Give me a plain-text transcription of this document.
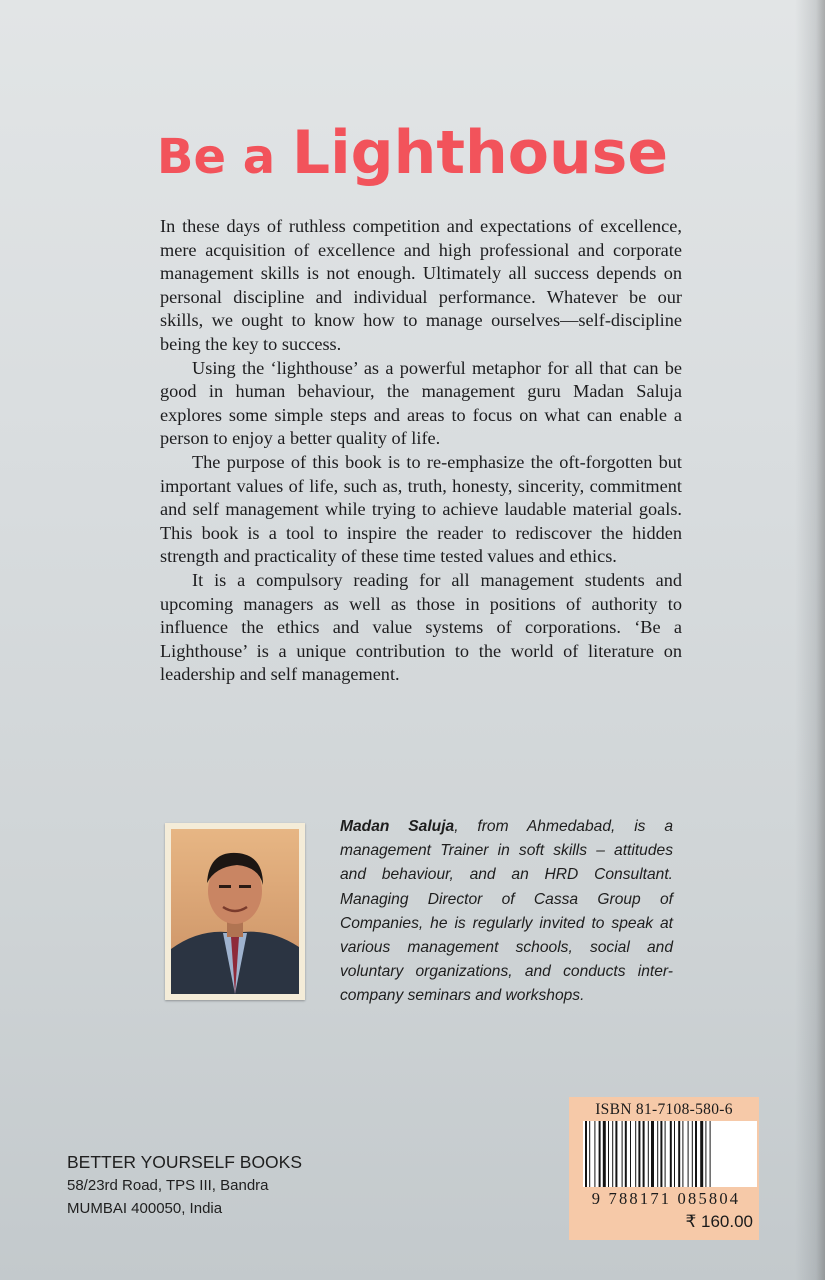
Be a Lighthouse

In these days of ruthless competition and expectations of excellence, mere acquisition of excellence and high professional and corporate management skills is not enough. Ultimately all success depends on personal discipline and individual performance. Whatever be our skills, we ought to know how to manage ourselves—self-discipline being the key to success.

Using the ‘lighthouse’ as a powerful metaphor for all that can be good in human behaviour, the management guru Madan Saluja explores some simple steps and areas to focus on what can enable a person to enjoy a better quality of life.

The purpose of this book is to re-emphasize the oft-forgotten but important values of life, such as, truth, honesty, sincerity, commitment and self management while trying to achieve laudable material goals. This book is a tool to inspire the reader to rediscover the hidden strength and practicality of these time tested values and ethics.

It is a compulsory reading for all management students and upcoming managers as well as those in positions of authority to influence the ethics and value systems of corporations. ‘Be a Lighthouse’ is a unique contribution to the world of literature on leadership and self management.

Madan Saluja, from Ahmedabad, is a management Trainer in soft skills – attitudes and behaviour, and an HRD Consultant. Managing Director of Cassa Group of Companies, he is regularly invited to speak at various management schools, social and voluntary organizations, and conducts inter-company seminars and workshops.
BETTER YOURSELF BOOKS
58/23rd Road, TPS III, Bandra
MUMBAI 400050, India
ISBN 81-7108-580-6
9 788171 085804
₹ 160.00
